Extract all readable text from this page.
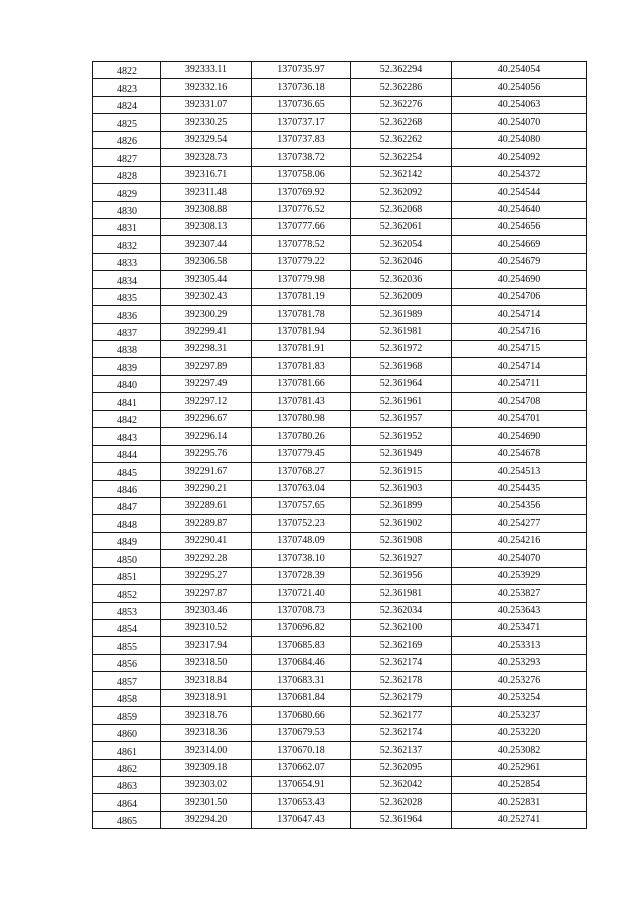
4822	392333.11	1370735.97	52.362294	40.254054
4823	392332.16	1370736.18	52.362286	40.254056
4824	392331.07	1370736.65	52.362276	40.254063
4825	392330.25	1370737.17	52.362268	40.254070
4826	392329.54	1370737.83	52.362262	40.254080
4827	392328.73	1370738.72	52.362254	40.254092
4828	392316.71	1370758.06	52.362142	40.254372
4829	392311.48	1370769.92	52.362092	40.254544
4830	392308.88	1370776.52	52.362068	40.254640
4831	392308.13	1370777.66	52.362061	40.254656
4832	392307.44	1370778.52	52.362054	40.254669
4833	392306.58	1370779.22	52.362046	40.254679
4834	392305.44	1370779.98	52.362036	40.254690
4835	392302.43	1370781.19	52.362009	40.254706
4836	392300.29	1370781.78	52.361989	40.254714
4837	392299.41	1370781.94	52.361981	40.254716
4838	392298.31	1370781.91	52.361972	40.254715
4839	392297.89	1370781.83	52.361968	40.254714
4840	392297.49	1370781.66	52.361964	40.254711
4841	392297.12	1370781.43	52.361961	40.254708
4842	392296.67	1370780.98	52.361957	40.254701
4843	392296.14	1370780.26	52.361952	40.254690
4844	392295.76	1370779.45	52.361949	40.254678
4845	392291.67	1370768.27	52.361915	40.254513
4846	392290.21	1370763.04	52.361903	40.254435
4847	392289.61	1370757.65	52.361899	40.254356
4848	392289.87	1370752.23	52.361902	40.254277
4849	392290.41	1370748.09	52.361908	40.254216
4850	392292.28	1370738.10	52.361927	40.254070
4851	392295.27	1370728.39	52.361956	40.253929
4852	392297.87	1370721.40	52.361981	40.253827
4853	392303.46	1370708.73	52.362034	40.253643
4854	392310.52	1370696.82	52.362100	40.253471
4855	392317.94	1370685.83	52.362169	40.253313
4856	392318.50	1370684.46	52.362174	40.253293
4857	392318.84	1370683.31	52.362178	40.253276
4858	392318.91	1370681.84	52.362179	40.253254
4859	392318.76	1370680.66	52.362177	40.253237
4860	392318.36	1370679.53	52.362174	40.253220
4861	392314.00	1370670.18	52.362137	40.253082
4862	392309.18	1370662.07	52.362095	40.252961
4863	392303.02	1370654.91	52.362042	40.252854
4864	392301.50	1370653.43	52.362028	40.252831
4865	392294.20	1370647.43	52.361964	40.252741
